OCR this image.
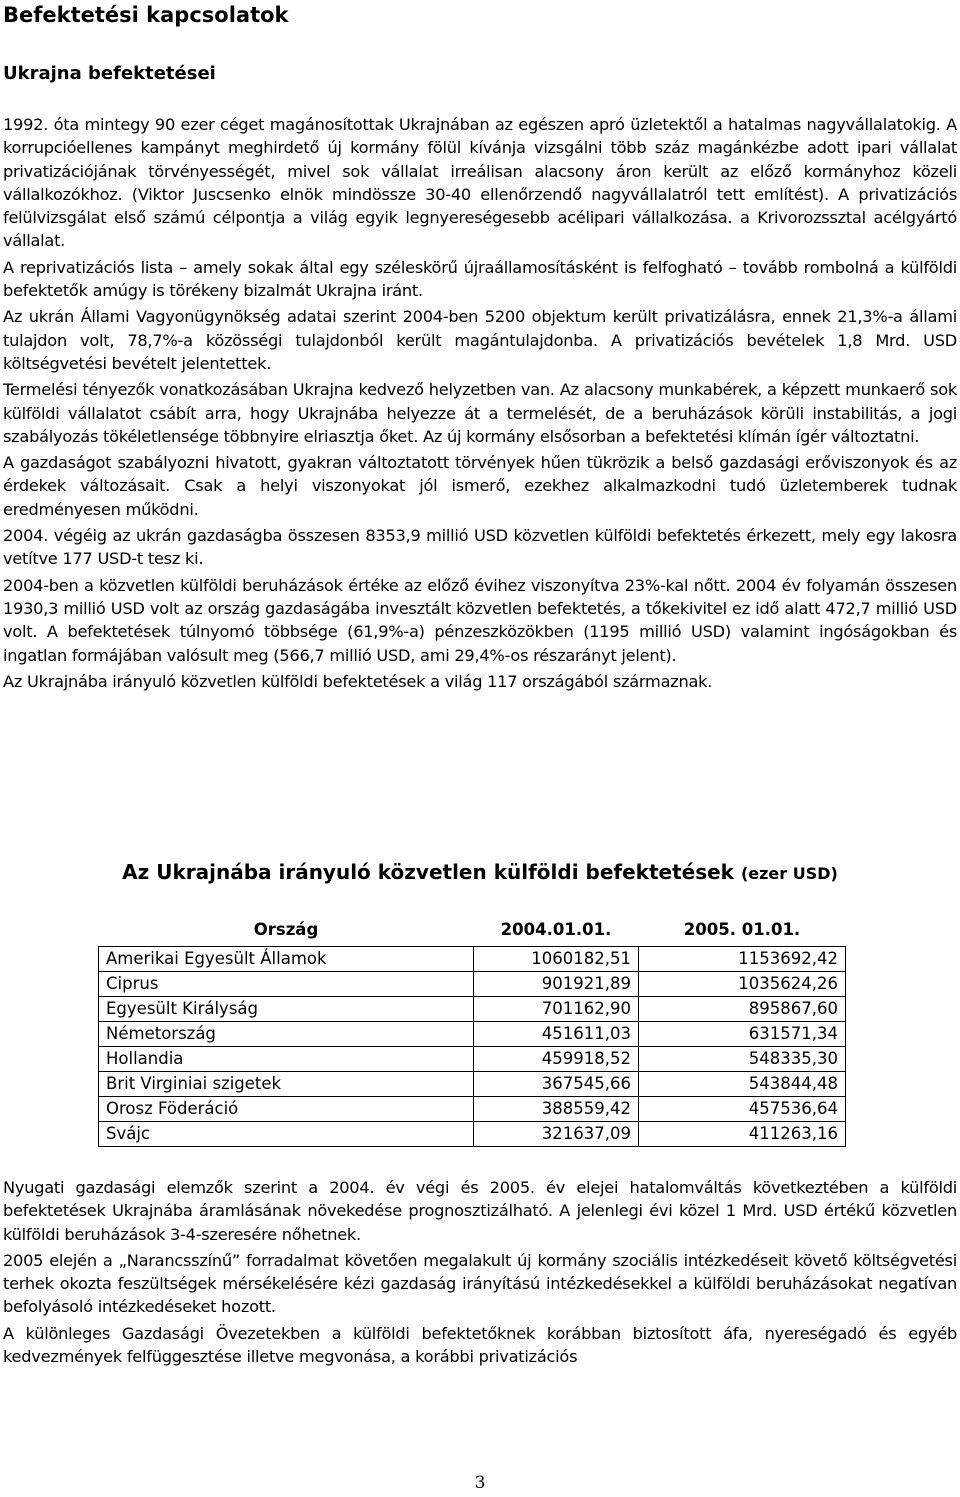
Befektetési kapcsolatok
Ukrajna befektetései

1992. óta mintegy 90 ezer céget magánosítottak Ukrajnában az egészen apró üzletektől a hatalmas nagyvállalatokig. A korrupcióellenes kampányt meghirdető új kormány fölül kívánja vizsgálni több száz magánkézbe adott ipari vállalat privatizációjának törvényességét, mivel sok vállalat irreálisan alacsony áron került az előző kormányhoz közeli vállalkozókhoz. (Viktor Juscsenko elnök mindössze 30-40 ellenőrzendő nagyvállalatról tett említést). A privatizációs felülvizsgálat első számú célpontja a világ egyik legnyereségesebb acélipari vállalkozása. a Krivorozssztal acélgyártó vállalat.

A reprivatizációs lista – amely sokak által egy széleskörű újraállamosításként is felfogható – tovább rombolná a külföldi befektetők amúgy is törékeny bizalmát Ukrajna iránt.

Az ukrán Állami Vagyonügynökség adatai szerint 2004-ben 5200 objektum került privatizálásra, ennek 21,3%-a állami tulajdon volt, 78,7%-a közösségi tulajdonból került magántulajdonba. A privatizációs bevételek 1,8 Mrd. USD költségvetési bevételt jelentettek.

Termelési tényezők vonatkozásában Ukrajna kedvező helyzetben van. Az alacsony munkabérek, a képzett munkaerő sok külföldi vállalatot csábít arra, hogy Ukrajnába helyezze át a termelését, de a beruházások körüli instabilitás, a jogi szabályozás tökéletlensége többnyire elriasztja őket. Az új kormány elsősorban a befektetési klímán ígér változtatni.

A gazdaságot szabályozni hivatott, gyakran változtatott törvények hűen tükrözik a belső gazdasági erőviszonyok és az érdekek változásait. Csak a helyi viszonyokat jól ismerő, ezekhez alkalmazkodni tudó üzletemberek tudnak eredményesen működni.

2004. végéig az ukrán gazdaságba összesen 8353,9 millió USD közvetlen külföldi befektetés érkezett, mely egy lakosra vetítve 177 USD-t tesz ki.

2004-ben a közvetlen külföldi beruházások értéke az előző évihez viszonyítva 23%-kal nőtt. 2004 év folyamán összesen 1930,3 millió USD volt az ország gazdaságába invesztált közvetlen befektetés, a tőkekivitel ez idő alatt 472,7 millió USD volt. A befektetések túlnyomó többsége (61,9%-a) pénzeszközökben (1195 millió USD) valamint ingóságokban és ingatlan formájában valósult meg (566,7 millió USD, ami 29,4%-os részarányt jelent).

Az Ukrajnába irányuló közvetlen külföldi befektetések a világ 117 országából származnak.

Az Ukrajnába irányuló közvetlen külföldi befektetések (ezer USD)
Ország	2004.01.01.	2005. 01.01.
Amerikai Egyesült Államok	1060182,51	1153692,42
Ciprus	901921,89	1035624,26
Egyesült Királyság	701162,90	895867,60
Németország	451611,03	631571,34
Hollandia	459918,52	548335,30
Brit Virginiai szigetek	367545,66	543844,48
Orosz Föderáció	388559,42	457536,64
Svájc	321637,09	411263,16

Nyugati gazdasági elemzők szerint a 2004. év végi és 2005. év elejei hatalomváltás következtében a külföldi befektetések Ukrajnába áramlásának növekedése prognosztizálható. A jelenlegi évi közel 1 Mrd. USD értékű közvetlen külföldi beruházások 3-4-szeresére nőhetnek.

2005 elején a „Narancsszínű” forradalmat követően megalakult új kormány szociális intézkedéseit követő költségvetési terhek okozta feszültségek mérsékelésére kézi gazdaság irányítású intézkedésekkel a külföldi beruházásokat negatívan befolyásoló intézkedéseket hozott.

A különleges Gazdasági Övezetekben a külföldi befektetőknek korábban biztosított áfa, nyereségadó és egyéb kedvezmények felfüggesztése illetve megvonása, a korábbi privatizációs

3
